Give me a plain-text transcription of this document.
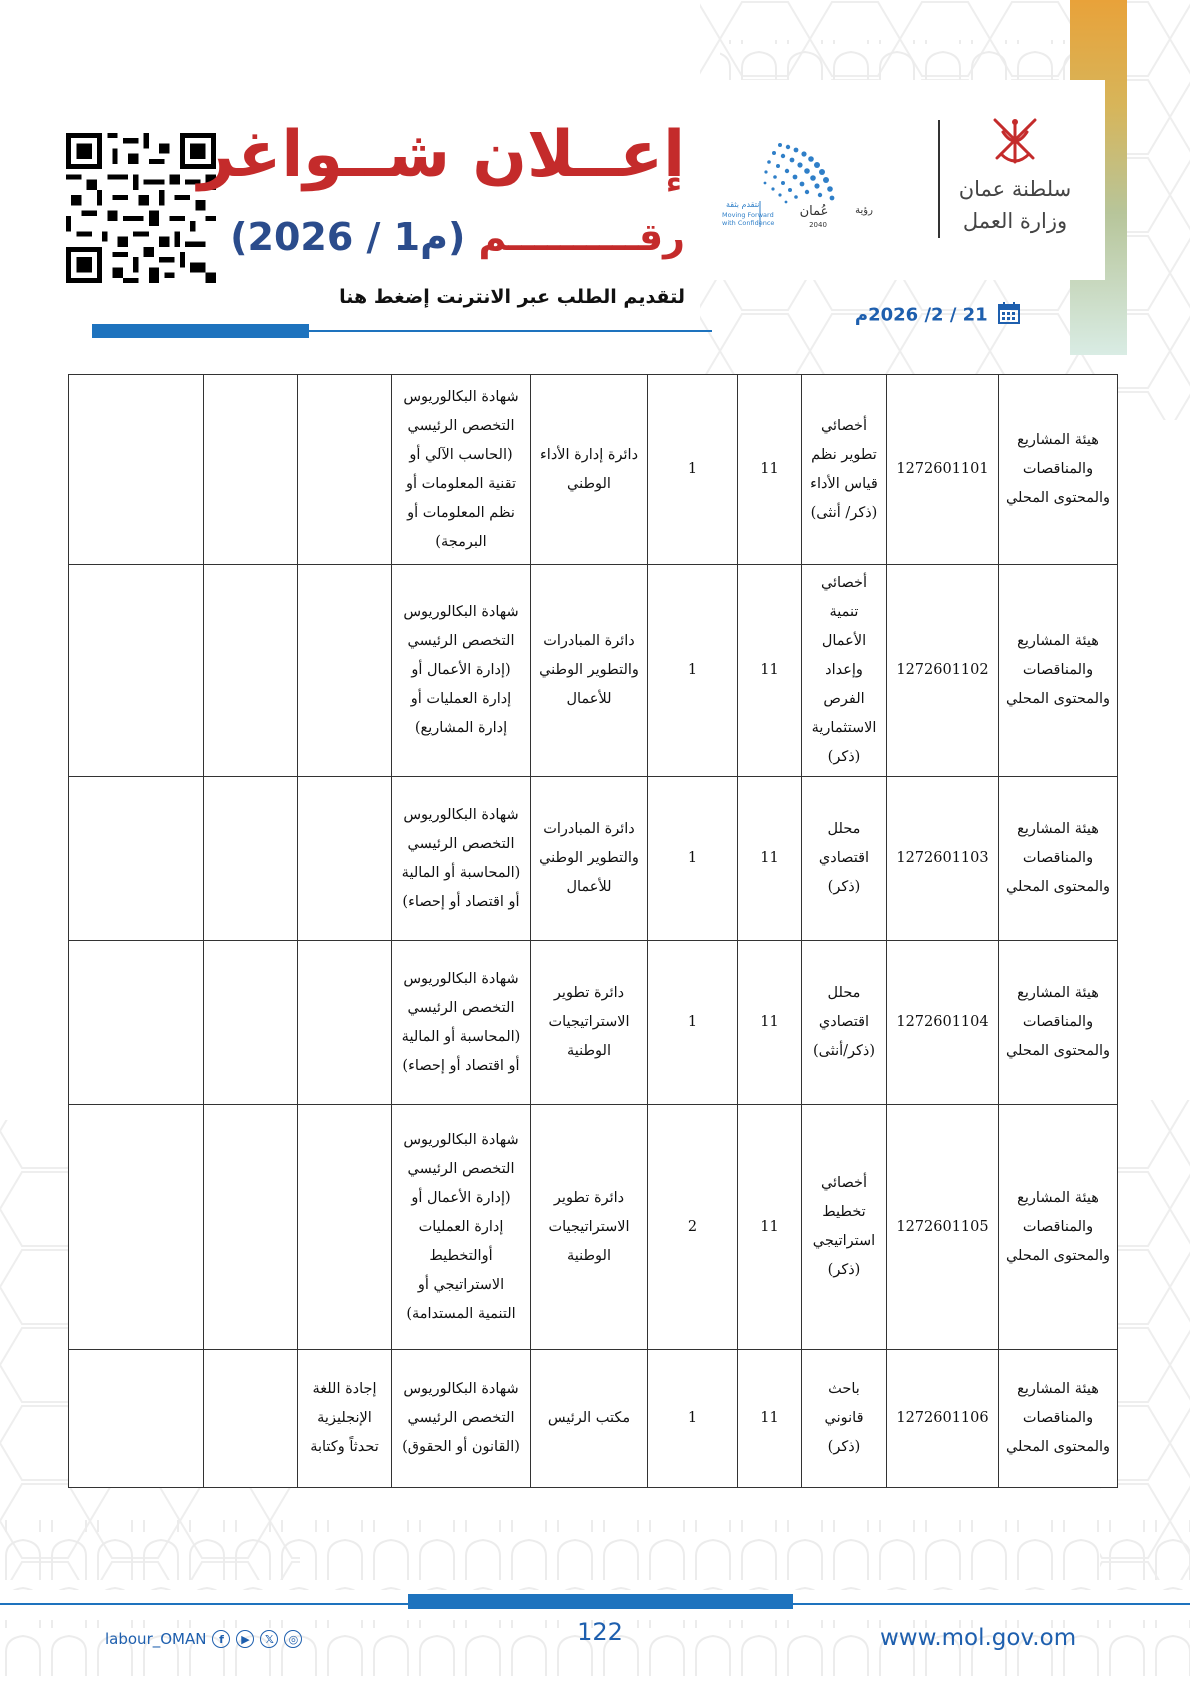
إعــلان شــواغر
رقــــــــــم (م1 / 2026)
لتقديم الطلب عبر الانترنت إضغط هنا
عُمان	رؤية
2040
نتقدم بثقة
Moving Forward
with Confidence
سلطنة عمان
وزارة العمل
21 / 2/ 2026م
هيئة المشاريع والمناقصات والمحتوى المحلي	1272601101	أخصائي تطوير نظم قياس الأداء (ذكر/ أنثى)	11	1	دائرة إدارة الأداء الوطني	شهادة البكالوريوس التخصص الرئيسي (الحاسب الآلي أو تقنية المعلومات أو نظم المعلومات أو البرمجة)			
هيئة المشاريع والمناقصات والمحتوى المحلي	1272601102	أخصائي تنمية الأعمال وإعداد الفرص الاستثمارية (ذكر)	11	1	دائرة المبادرات والتطوير الوطني للأعمال	شهادة البكالوريوس التخصص الرئيسي (إدارة الأعمال أو إدارة العمليات أو إدارة المشاريع)			
هيئة المشاريع والمناقصات والمحتوى المحلي	1272601103	محلل اقتصادي (ذكر)	11	1	دائرة المبادرات والتطوير الوطني للأعمال	شهادة البكالوريوس التخصص الرئيسي (المحاسبة أو المالية أو اقتصاد أو إحصاء)			
هيئة المشاريع والمناقصات والمحتوى المحلي	1272601104	محلل اقتصادي (ذكر/أنثى)	11	1	دائرة تطوير الاستراتيجيات الوطنية	شهادة البكالوريوس التخصص الرئيسي (المحاسبة أو المالية أو اقتصاد أو إحصاء)			
هيئة المشاريع والمناقصات والمحتوى المحلي	1272601105	أخصائي تخطيط استراتيجي (ذكر)	11	2	دائرة تطوير الاستراتيجيات الوطنية	شهادة البكالوريوس التخصص الرئيسي (إدارة الأعمال أو إدارة العمليات أوالتخطيط الاستراتيجي أو التنمية المستدامة)			
هيئة المشاريع والمناقصات والمحتوى المحلي	1272601106	باحث قانوني (ذكر)	11	1	مكتب الرئيس	شهادة البكالوريوس التخصص الرئيسي (القانون أو الحقوق)	إجادة اللغة الإنجليزية تحدثاً وكتابة		
122
labour_OMAN	f	▶	𝕏	◎	www.mol.gov.om
